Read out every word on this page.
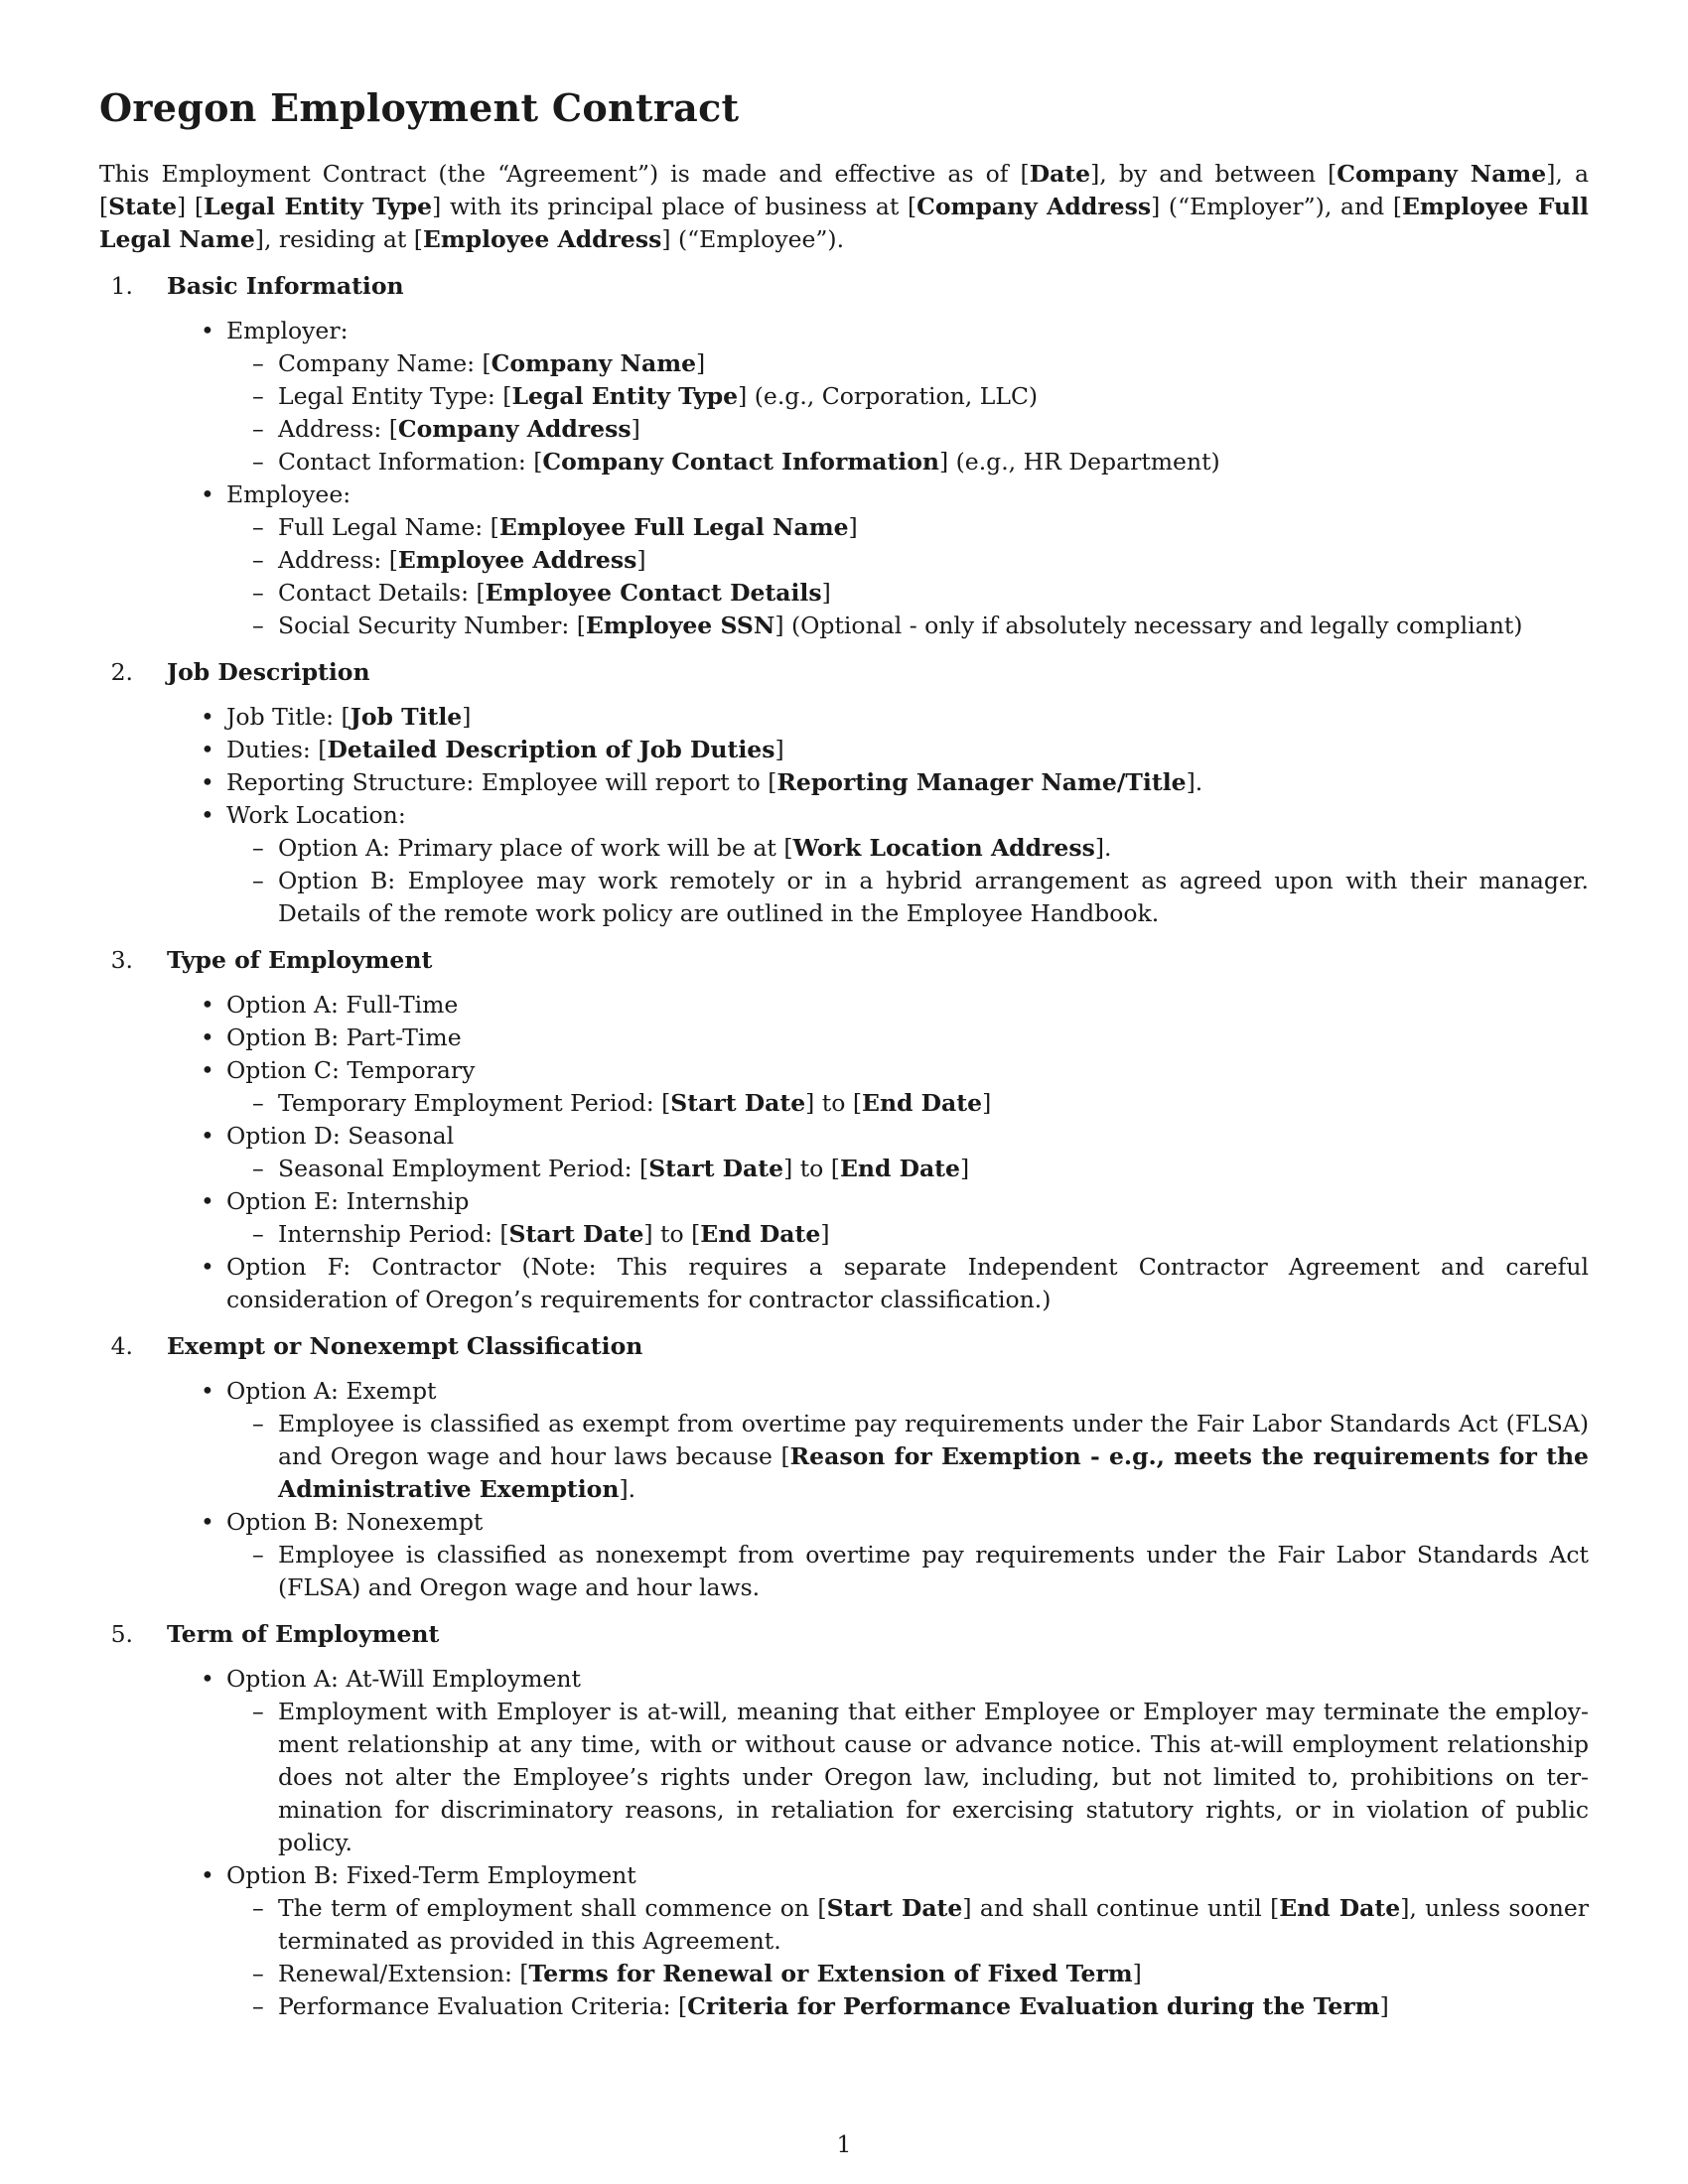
Oregon Employment Contract

This Employment Contract (the “Agreement”) is made and effective as of [Date], by and between [Company Name], a [State] [Legal Entity Type] with its principal place of business at [Company Address] (“Employer”), and [Employee Full Legal Name], residing at [Employee Address] (“Employee”).

1. Basic Information
• Employer:
– Company Name: [Company Name]
– Legal Entity Type: [Legal Entity Type] (e.g., Corporation, LLC)
– Address: [Company Address]
– Contact Information: [Company Contact Information] (e.g., HR Department)
• Employee:
– Full Legal Name: [Employee Full Legal Name]
– Address: [Employee Address]
– Contact Details: [Employee Contact Details]
– Social Security Number: [Employee SSN] (Optional - only if absolutely necessary and legally compliant)
2. Job Description
• Job Title: [Job Title]
• Duties: [Detailed Description of Job Duties]
• Reporting Structure: Employee will report to [Reporting Manager Name/Title].
• Work Location:
– Option A: Primary place of work will be at [Work Location Address].
– Option B: Employee may work remotely or in a hybrid arrangement as agreed upon with their manager. Details of the remote work policy are outlined in the Employee Handbook.
3. Type of Employment
• Option A: Full-Time
• Option B: Part-Time
• Option C: Temporary
– Temporary Employment Period: [Start Date] to [End Date]
• Option D: Seasonal
– Seasonal Employment Period: [Start Date] to [End Date]
• Option E: Internship
– Internship Period: [Start Date] to [End Date]
• Option F: Contractor (Note: This requires a separate Independent Contractor Agreement and careful consideration of Oregon’s requirements for contractor classification.)
4. Exempt or Nonexempt Classification
• Option A: Exempt
– Employee is classified as exempt from overtime pay requirements under the Fair Labor Standards Act (FLSA) and Oregon wage and hour laws because [Reason for Exemption - e.g., meets the requirements for the Administrative Exemption].
• Option B: Nonexempt
– Employee is classified as nonexempt from overtime pay requirements under the Fair Labor Standards Act (FLSA) and Oregon wage and hour laws.
5. Term of Employment
• Option A: At-Will Employment
– Employment with Employer is at-will, meaning that either Employee or Employer may terminate the employment relationship at any time, with or without cause or advance notice. This at-will employment relationship does not alter the Employee’s rights under Oregon law, including, but not limited to, prohibitions on termination for discriminatory reasons, in retaliation for exercising statutory rights, or in violation of public policy.
• Option B: Fixed-Term Employment
– The term of employment shall commence on [Start Date] and shall continue until [End Date], unless sooner terminated as provided in this Agreement.
– Renewal/Extension: [Terms for Renewal or Extension of Fixed Term]
– Performance Evaluation Criteria: [Criteria for Performance Evaluation during the Term]
1
